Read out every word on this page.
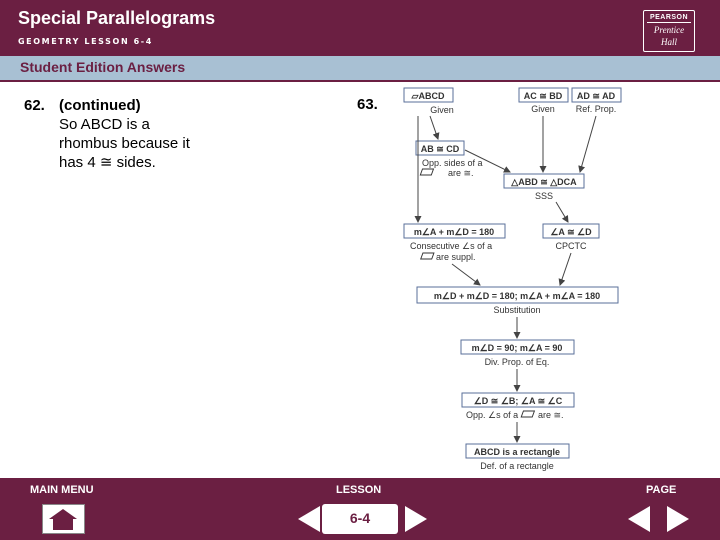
Special Parallelograms
GEOMETRY LESSON 6-4
PEARSON
Prentice
Hall
Student Edition Answers
62. (continued)
So ABCD is a
rhombus because it
has 4 ≅ sides.
63.	▱ABCD	AC ≅ BD AD ≅ AD
Given	Given Ref. Prop.
AB ≅ CD
Opp. sides of a
are ≅.
△ABD ≅ △DCA
SSS
m∠A + m∠D = 180
Consecutive ∠s of a
are suppl.
∠A ≅ ∠D
CPCTC
m∠D + m∠D = 180; m∠A + m∠A = 180
Substitution
m∠D = 90; m∠A = 90
Div. Prop. of Eq.
∠D ≅ ∠B; ∠A ≅ ∠C
Opp. ∠s of a are ≅.
ABCD is a rectangle
Def. of a rectangle
MAIN MENU	LESSON
6-4
PAGE
